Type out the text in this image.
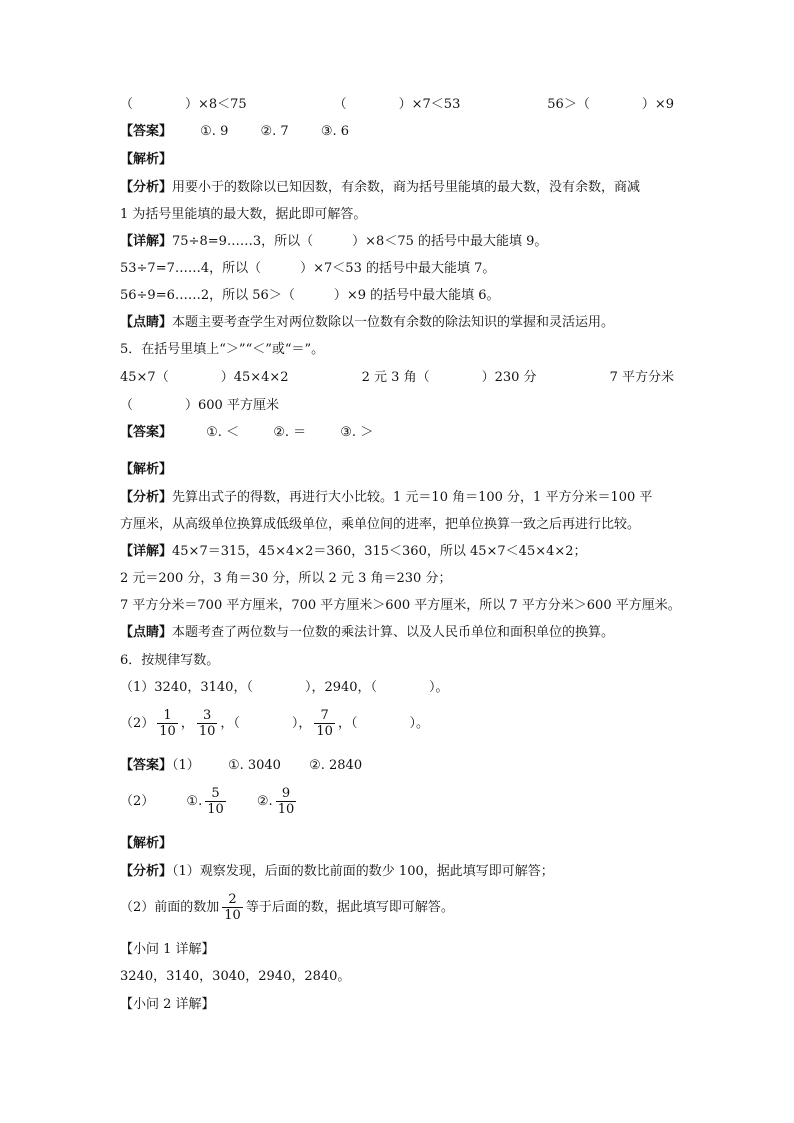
（　　　　）×8＜75	（　　　　）×7＜53	56＞（　　　　）×9
【答案】 ①. 9 ②. 7 ③. 6
【解析】
【分析】用要小于的数除以已知因数，有余数，商为括号里能填的最大数，没有余数，商减
1 为括号里能填的最大数，据此即可解答。
【详解】75÷8=9……3，所以（　　　）×8＜75 的括号中最大能填 9。
53÷7=7……4，所以（　　　）×7＜53 的括号中最大能填 7。
56÷9=6……2，所以 56＞（　　　）×9 的括号中最大能填 6。
【点睛】本题主要考查学生对两位数除以一位数有余数的除法知识的掌握和灵活运用。
5．在括号里填上“＞”“＜”或“＝”。
45×7（　　　　）45×4×2	2 元 3 角（　　　　）230 分	7 平方分米
（　　　　）600 平方厘米
【答案】	①. ＜	②. ＝	③. ＞
【解析】
【分析】先算出式子的得数，再进行大小比较。1 元＝10 角＝100 分，1 平方分米＝100 平
方厘米，从高级单位换算成低级单位，乘单位间的进率，把单位换算一致之后再进行比较。
【详解】45×7＝315，45×4×2＝360，315＜360，所以 45×7＜45×4×2；
2 元＝200 分，3 角＝30 分，所以 2 元 3 角＝230 分；
7 平方分米＝700 平方厘米，700 平方厘米＞600 平方厘米，所以 7 平方分米＞600 平方厘米。
【点睛】本题考查了两位数与一位数的乘法计算、以及人民币单位和面积单位的换算。
6．按规律写数。
（1）3240，3140，（　　　　），2940，（　　　　）。
$(2) \frac{1}{10}$ ， $\frac{3}{10}$ ，（　　　　）， $\frac{7}{10}$ ，（　　　　）。
【答案】（1） ①. 3040 ②. 2840
（2） ①. $\frac{5}{10}$ ②. $\frac{9}{10}$
【解析】
【分析】（1）观察发现，后面的数比前面的数少 100，据此填写即可解答；
（2）前面的数加 $\frac{2}{10}$ 等于后面的数，据此填写即可解答。
【小问 1 详解】
3240，3140，3040，2940，2840。
【小问 2 详解】
